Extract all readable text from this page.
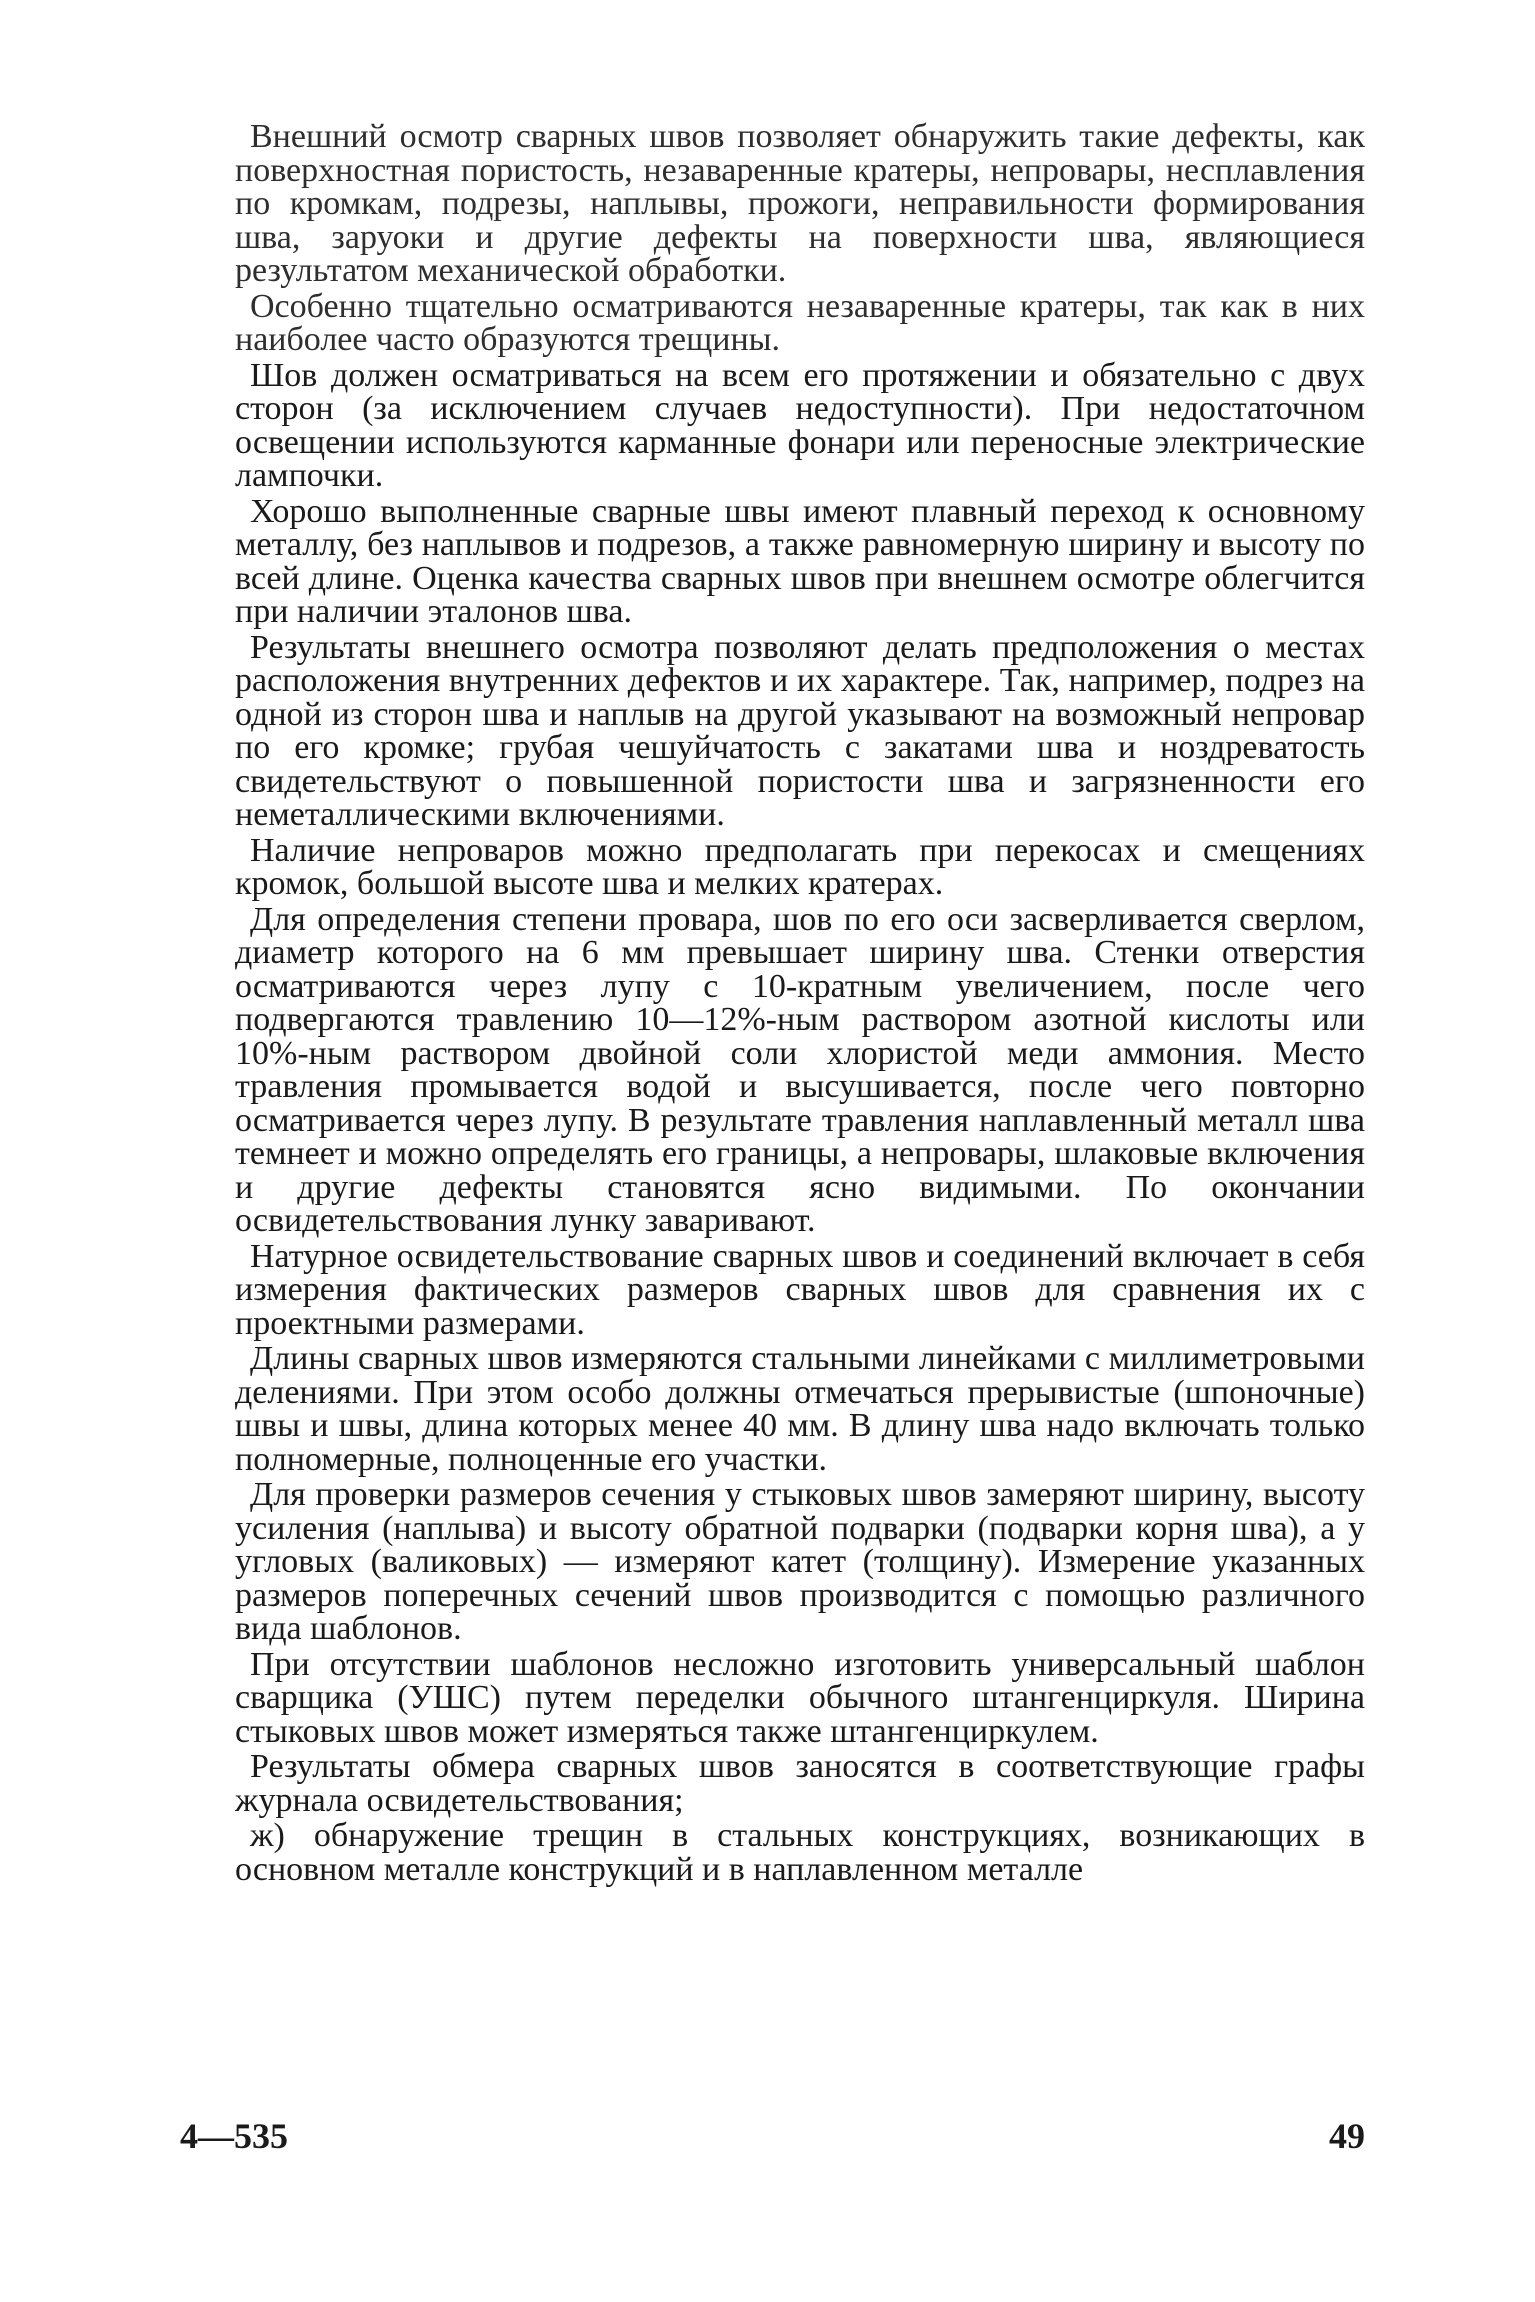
Внешний осмотр сварных швов позволяет обнаружить такие дефекты, как поверхностная пористость, незаваренные кратеры, непровары, несплавления по кромкам, подрезы, наплывы, прожоги, неправильности формирования шва, заруоки и другие дефекты на поверхности шва, являющиеся результатом механической обработки.

Особенно тщательно осматриваются незаваренные кратеры, так как в них наиболее часто образуются трещины.

Шов должен осматриваться на всем его протяжении и обязательно с двух сторон (за исключением случаев недоступности). При недостаточном освещении используются карманные фонари или переносные электрические лампочки.

Хорошо выполненные сварные швы имеют плавный переход к основному металлу, без наплывов и подрезов, а также равномерную ширину и высоту по всей длине. Оценка качества сварных швов при внешнем осмотре облегчится при наличии эталонов шва.

Результаты внешнего осмотра позволяют делать предположения о местах расположения внутренних дефектов и их характере. Так, например, подрез на одной из сторон шва и наплыв на другой указывают на возможный непровар по его кромке; грубая чешуйчатость с закатами шва и ноздреватость свидетельствуют о повышенной пористости шва и загрязненности его неметаллическими включениями.

Наличие непроваров можно предполагать при перекосах и смещениях кромок, большой высоте шва и мелких кратерах.

Для определения степени провара, шов по его оси засверливается сверлом, диаметр которого на 6 мм превышает ширину шва. Стенки отверстия осматриваются через лупу с 10-кратным увеличением, после чего подвергаются травлению 10—12%-ным раствором азотной кислоты или 10%-ным раствором двойной соли хлористой меди аммония. Место травления промывается водой и высушивается, после чего повторно осматривается через лупу. В результате травления наплавленный металл шва темнеет и можно определять его границы, а непровары, шлаковые включения и другие дефекты становятся ясно видимыми. По окончании освидетельствования лунку заваривают.

Натурное освидетельствование сварных швов и соединений включает в себя измерения фактических размеров сварных швов для сравнения их с проектными размерами.

Длины сварных швов измеряются стальными линейками с миллиметровыми делениями. При этом особо должны отмечаться прерывистые (шпоночные) швы и швы, длина которых менее 40 мм. В длину шва надо включать только полномерные, полноценные его участки.

Для проверки размеров сечения у стыковых швов замеряют ширину, высоту усиления (наплыва) и высоту обратной подварки (подварки корня шва), а у угловых (валиковых) — измеряют катет (толщину). Измерение указанных размеров поперечных сечений швов производится с помощью различного вида шаблонов.

При отсутствии шаблонов несложно изготовить универсальный шаблон сварщика (УШС) путем переделки обычного штангенциркуля. Ширина стыковых швов может измеряться также штангенциркулем.

Результаты обмера сварных швов заносятся в соответствующие графы журнала освидетельствования;

ж) обнаружение трещин в стальных конструкциях, возникающих в основном металле конструкций и в наплавленном металле

4—535	49
